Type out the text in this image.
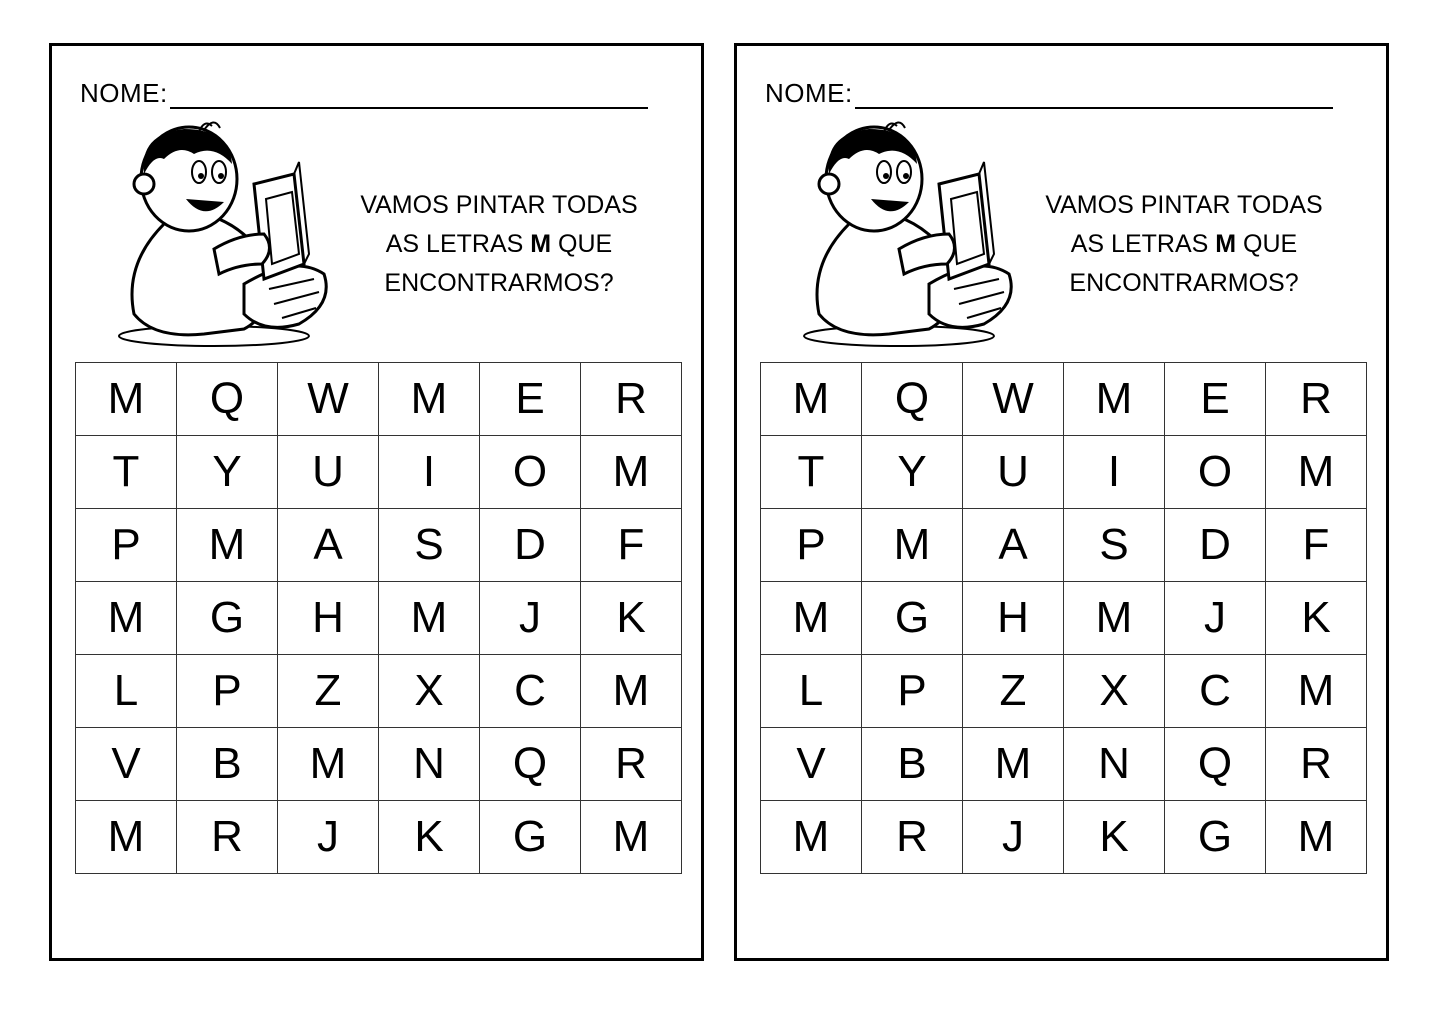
NOME:
VAMOS PINTAR TODAS
AS LETRAS M QUE
ENCONTRARMOS?
M	Q	W	M	E	R
T	Y	U	I	O	M
P	M	A	S	D	F
M	G	H	M	J	K
L	P	Z	X	C	M
V	B	M	N	Q	R
M	R	J	K	G	M
NOME:
VAMOS PINTAR TODAS
AS LETRAS M QUE
ENCONTRARMOS?
M	Q	W	M	E	R
T	Y	U	I	O	M
P	M	A	S	D	F
M	G	H	M	J	K
L	P	Z	X	C	M
V	B	M	N	Q	R
M	R	J	K	G	M
